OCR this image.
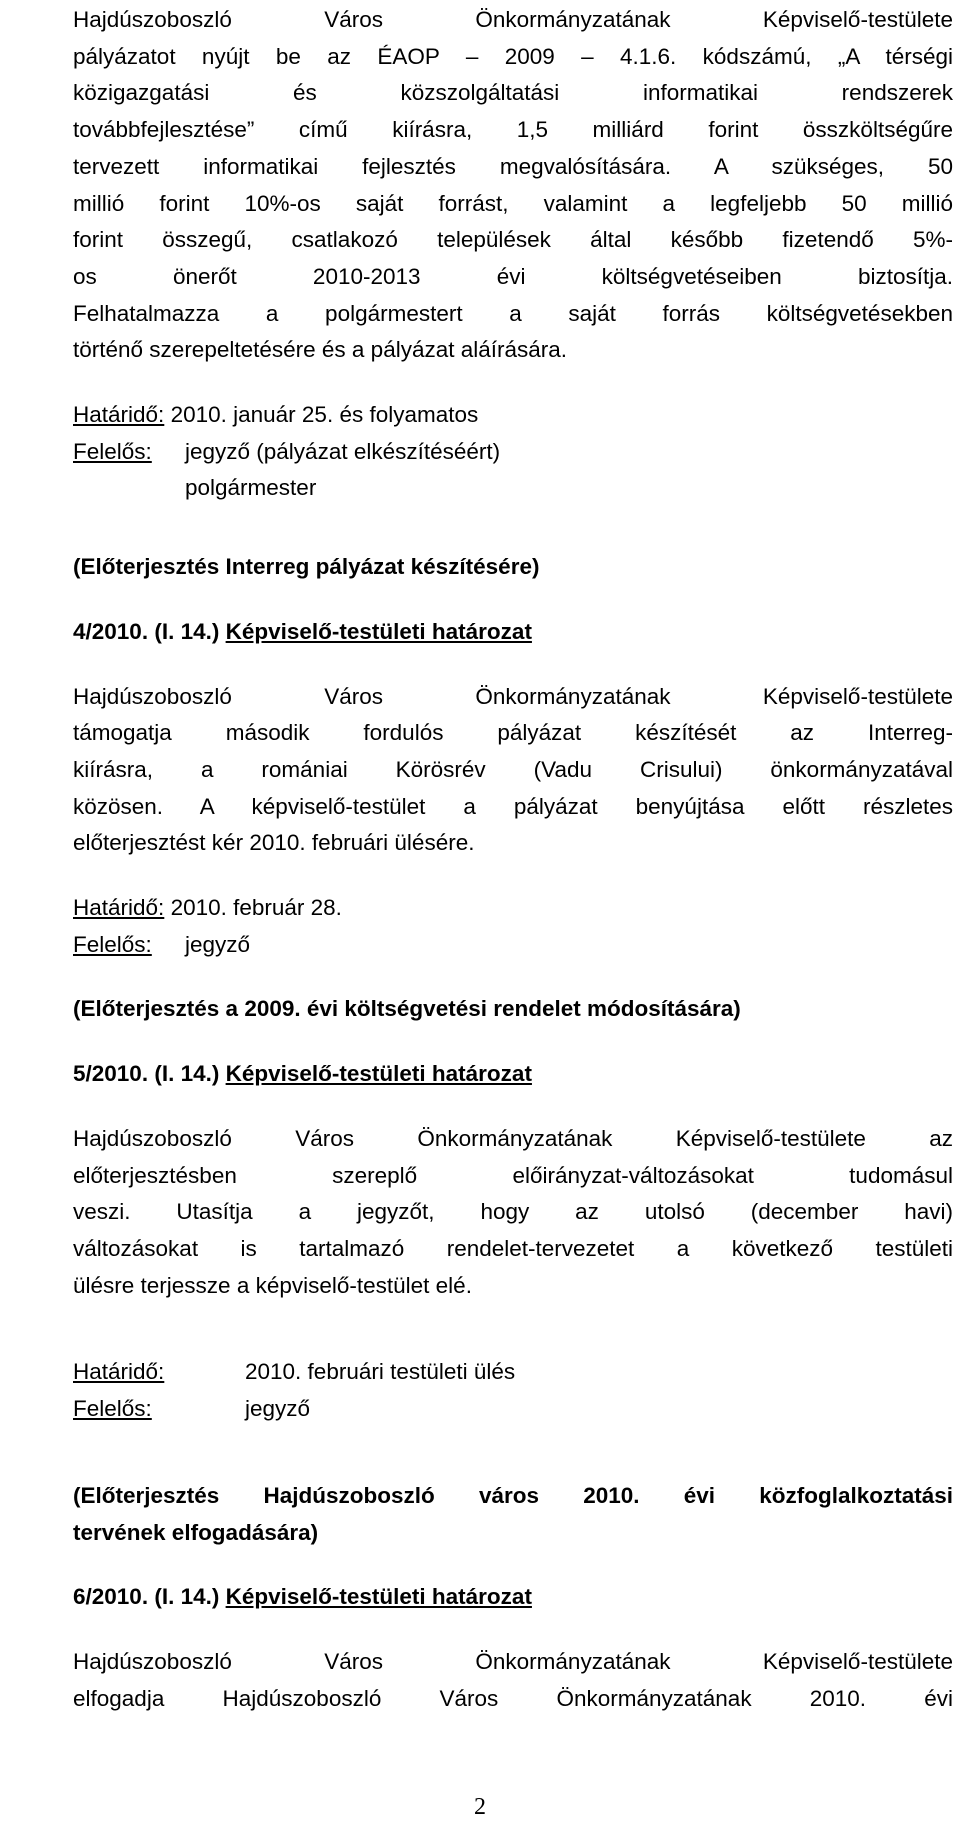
Hajdúszoboszló Város Önkormányzatának Képviselő-testülete

pályázatot nyújt be az ÉAOP – 2009 – 4.1.6. kódszámú, „A térségi

közigazgatási és közszolgáltatási informatikai rendszerek

továbbfejlesztése” című kiírásra, 1,5 milliárd forint összköltségűre

tervezett informatikai fejlesztés megvalósítására. A szükséges, 50

millió forint 10%-os saját forrást, valamint a legfeljebb 50 millió

forint összegű, csatlakozó települések által később fizetendő 5%-

os önerőt 2010-2013 évi költségvetéseiben biztosítja.

Felhatalmazza a polgármestert a saját forrás költségvetésekben

történő szerepeltetésére és a pályázat aláírására.

Határidő: 2010. január 25. és folyamatos

Felelős: jegyző (pályázat elkészítéséért)

polgármester

(Előterjesztés Interreg pályázat készítésére)

4/2010. (I. 14.) Képviselő-testületi határozat

Hajdúszoboszló Város Önkormányzatának Képviselő-testülete

támogatja második fordulós pályázat készítését az Interreg-

kiírásra, a romániai Körösrév (Vadu Crisului) önkormányzatával

közösen. A képviselő-testület a pályázat benyújtása előtt részletes

előterjesztést kér 2010. februári ülésére.

Határidő: 2010. február 28.

Felelős: jegyző

(Előterjesztés a 2009. évi költségvetési rendelet módosítására)

5/2010. (I. 14.) Képviselő-testületi határozat

Hajdúszoboszló Város Önkormányzatának Képviselő-testülete az

előterjesztésben szereplő előirányzat-változásokat tudomásul

veszi. Utasítja a jegyzőt, hogy az utolsó (december havi)

változásokat is tartalmazó rendelet-tervezetet a következő testületi

ülésre terjessze a képviselő-testület elé.

Határidő:	2010. februári testületi ülés

Felelős:	jegyző

(Előterjesztés Hajdúszoboszló város 2010. évi közfoglalkoztatási

tervének elfogadására)

6/2010. (I. 14.) Képviselő-testületi határozat

Hajdúszoboszló Város Önkormányzatának Képviselő-testülete

elfogadja Hajdúszoboszló Város Önkormányzatának 2010. évi

2
